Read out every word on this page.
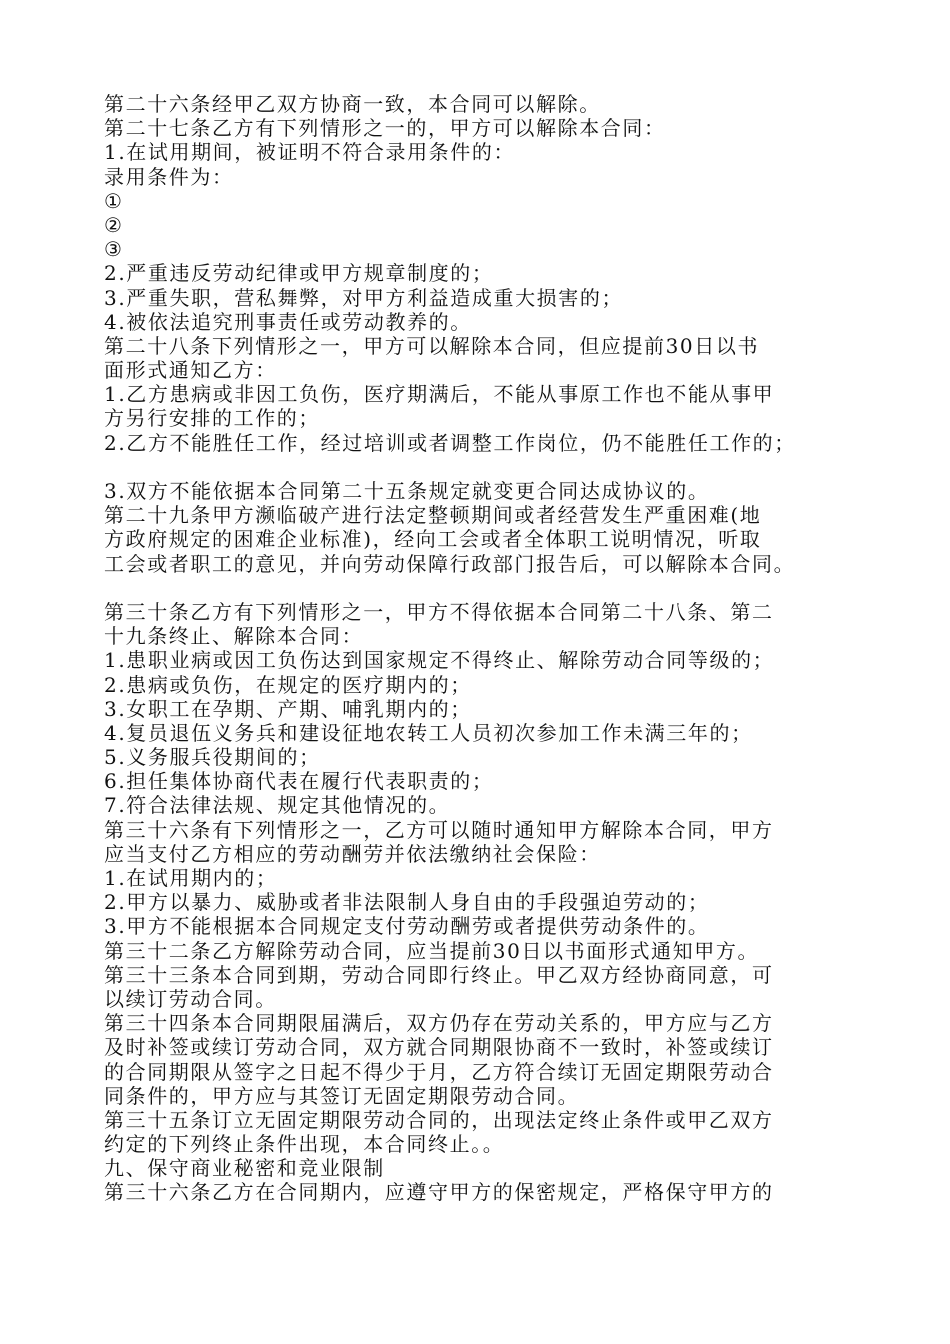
第二十六条经甲乙双方协商一致，本合同可以解除。
第二十七条乙方有下列情形之一的，甲方可以解除本合同：
1.在试用期间，被证明不符合录用条件的：
录用条件为：
①
②
③
2.严重违反劳动纪律或甲方规章制度的；
3.严重失职，营私舞弊，对甲方利益造成重大损害的；
4.被依法追究刑事责任或劳动教养的。
第二十八条下列情形之一，甲方可以解除本合同，但应提前30日以书
面形式通知乙方：
1.乙方患病或非因工负伤，医疗期满后，不能从事原工作也不能从事甲
方另行安排的工作的；
2.乙方不能胜任工作，经过培训或者调整工作岗位，仍不能胜任工作的；
3.双方不能依据本合同第二十五条规定就变更合同达成协议的。
第二十九条甲方濒临破产进行法定整顿期间或者经营发生严重困难(地
方政府规定的困难企业标准)，经向工会或者全体职工说明情况，听取
工会或者职工的意见，并向劳动保障行政部门报告后，可以解除本合同。
第三十条乙方有下列情形之一，甲方不得依据本合同第二十八条、第二
十九条终止、解除本合同：
1.患职业病或因工负伤达到国家规定不得终止、解除劳动合同等级的；
2.患病或负伤，在规定的医疗期内的；
3.女职工在孕期、产期、哺乳期内的；
4.复员退伍义务兵和建设征地农转工人员初次参加工作未满三年的；
5.义务服兵役期间的；
6.担任集体协商代表在履行代表职责的；
7.符合法律法规、规定其他情况的。
第三十六条有下列情形之一，乙方可以随时通知甲方解除本合同，甲方
应当支付乙方相应的劳动酬劳并依法缴纳社会保险：
1.在试用期内的；
2.甲方以暴力、威胁或者非法限制人身自由的手段强迫劳动的；
3.甲方不能根据本合同规定支付劳动酬劳或者提供劳动条件的。
第三十二条乙方解除劳动合同，应当提前30日以书面形式通知甲方。
第三十三条本合同到期，劳动合同即行终止。甲乙双方经协商同意，可
以续订劳动合同。
第三十四条本合同期限届满后，双方仍存在劳动关系的，甲方应与乙方
及时补签或续订劳动合同，双方就合同期限协商不一致时，补签或续订
的合同期限从签字之日起不得少于月，乙方符合续订无固定期限劳动合
同条件的，甲方应与其签订无固定期限劳动合同。
第三十五条订立无固定期限劳动合同的，出现法定终止条件或甲乙双方
约定的下列终止条件出现，本合同终止。。
九、保守商业秘密和竞业限制
第三十六条乙方在合同期内，应遵守甲方的保密规定，严格保守甲方的
